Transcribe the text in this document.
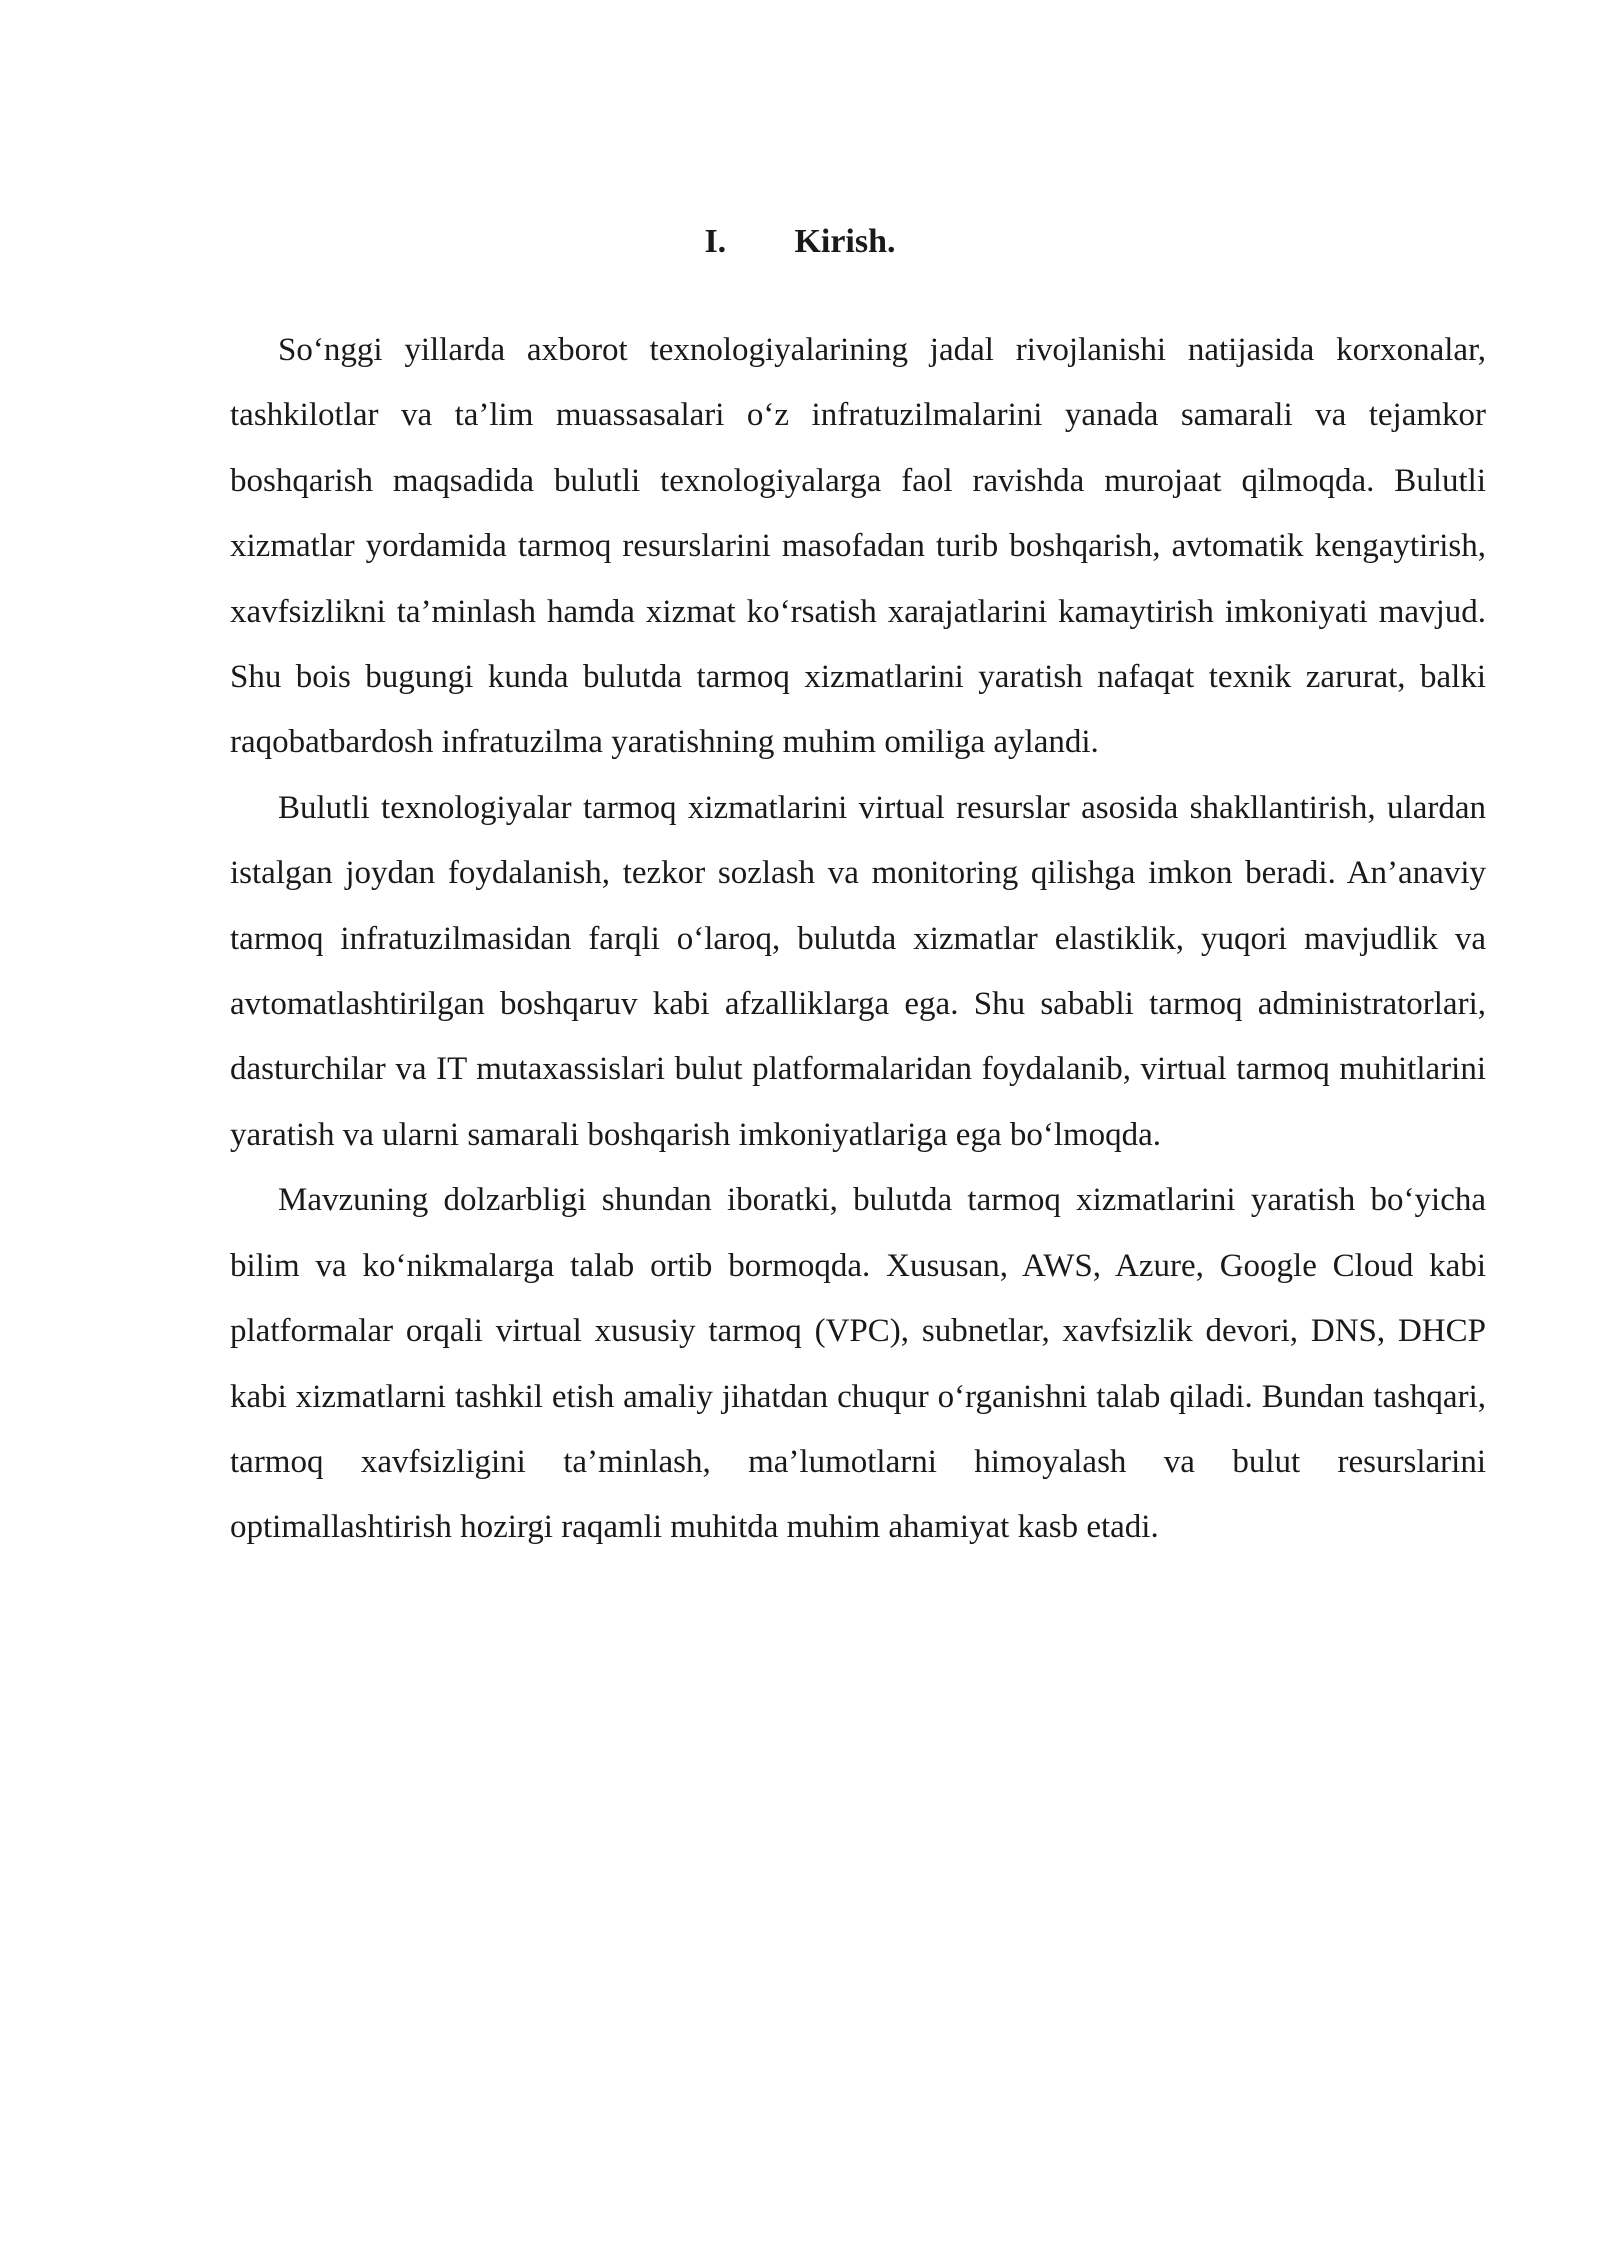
I. Kirish.

So‘nggi yillarda axborot texnologiyalarining jadal rivojlanishi natijasida korxonalar, tashkilotlar va ta’lim muassasalari o‘z infratuzilmalarini yanada samarali va tejamkor boshqarish maqsadida bulutli texnologiyalarga faol ravishda murojaat qilmoqda. Bulutli xizmatlar yordamida tarmoq resurslarini masofadan turib boshqarish, avtomatik kengaytirish, xavfsizlikni ta’minlash hamda xizmat ko‘rsatish xarajatlarini kamaytirish imkoniyati mavjud. Shu bois bugungi kunda bulutda tarmoq xizmatlarini yaratish nafaqat texnik zarurat, balki raqobatbardosh infratuzilma yaratishning muhim omiliga aylandi.

Bulutli texnologiyalar tarmoq xizmatlarini virtual resurslar asosida shakllantirish, ulardan istalgan joydan foydalanish, tezkor sozlash va monitoring qilishga imkon beradi. An’anaviy tarmoq infratuzilmasidan farqli o‘laroq, bulutda xizmatlar elastiklik, yuqori mavjudlik va avtomatlashtirilgan boshqaruv kabi afzalliklarga ega. Shu sababli tarmoq administratorlari, dasturchilar va IT mutaxassislari bulut platformalaridan foydalanib, virtual tarmoq muhitlarini yaratish va ularni samarali boshqarish imkoniyatlariga ega bo‘lmoqda.

Mavzuning dolzarbligi shundan iboratki, bulutda tarmoq xizmatlarini yaratish bo‘yicha bilim va ko‘nikmalarga talab ortib bormoqda. Xususan, AWS, Azure, Google Cloud kabi platformalar orqali virtual xususiy tarmoq (VPC), subnetlar, xavfsizlik devori, DNS, DHCP kabi xizmatlarni tashkil etish amaliy jihatdan chuqur o‘rganishni talab qiladi. Bundan tashqari, tarmoq xavfsizligini ta’minlash, ma’lumotlarni himoyalash va bulut resurslarini optimallashtirish hozirgi raqamli muhitda muhim ahamiyat kasb etadi.
